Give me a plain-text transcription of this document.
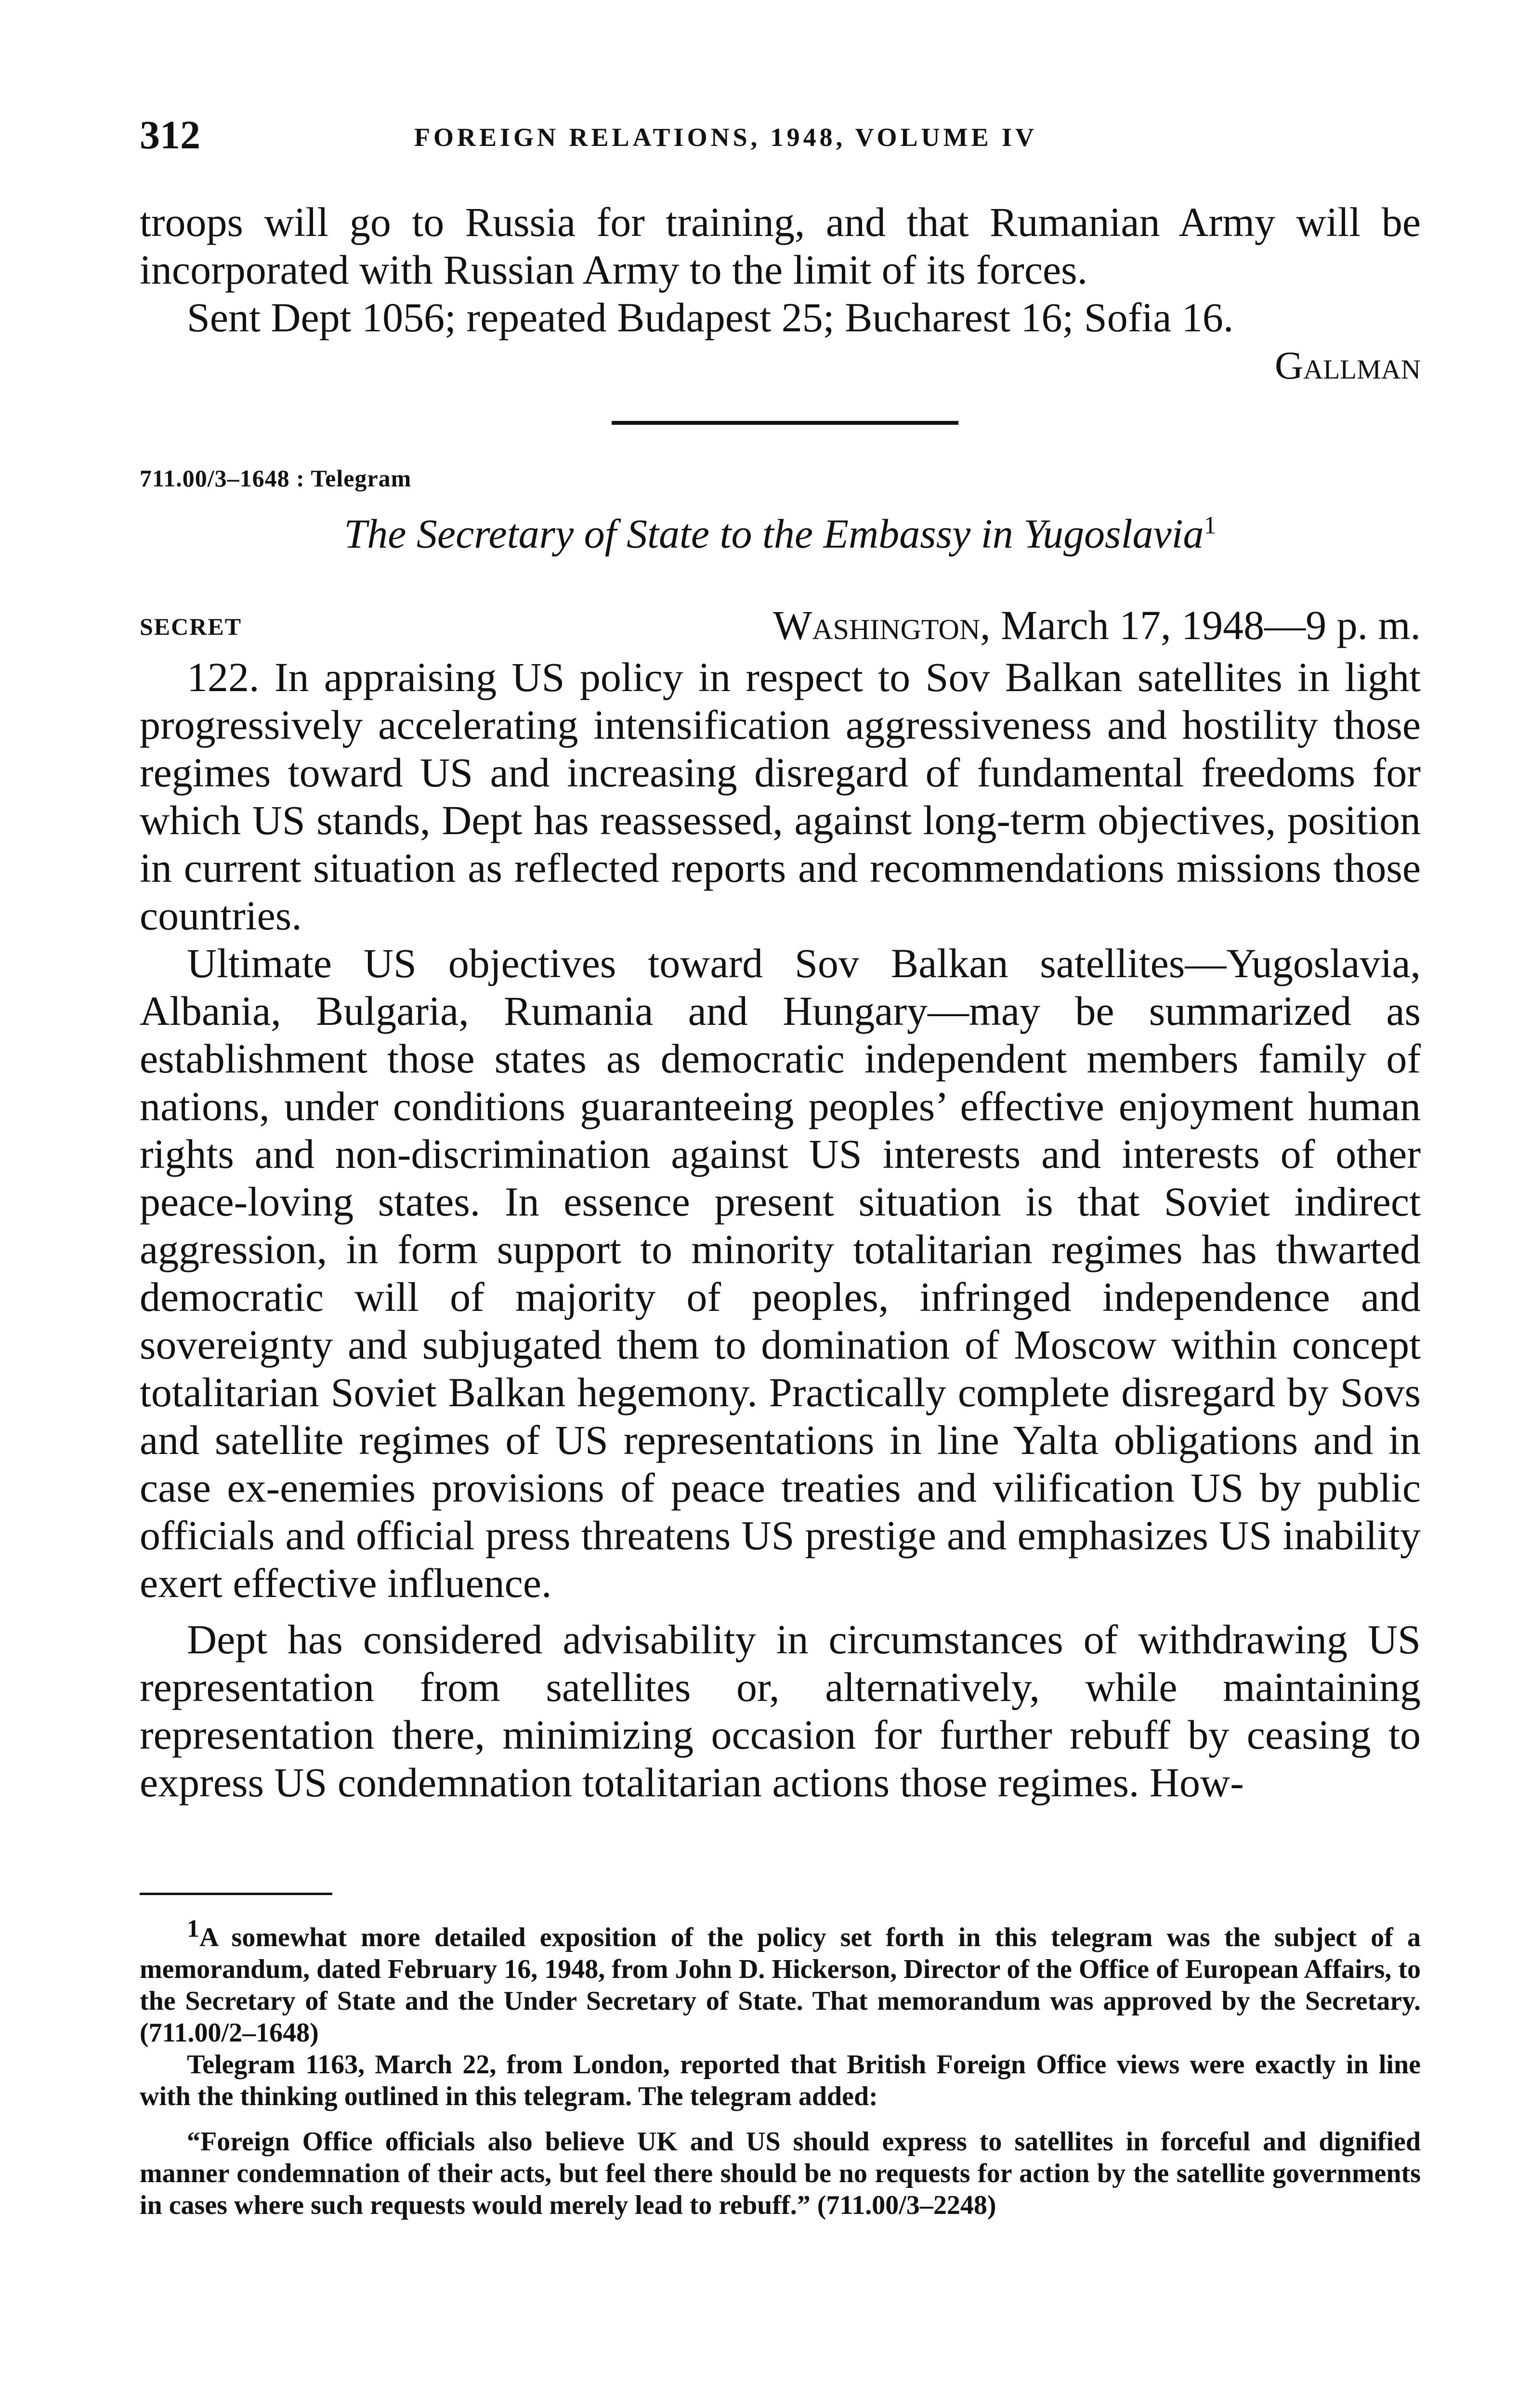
312	FOREIGN RELATIONS, 1948, VOLUME IV

troops will go to Russia for training, and that Rumanian Army will be incorporated with Russian Army to the limit of its forces.

Sent Dept 1056; repeated Budapest 25; Bucharest 16; Sofia 16.

Gallman

711.00/3–1648 : Telegram
The Secretary of State to the Embassy in Yugoslavia$^1$
SECRET	Washington, March 17, 1948—9 p. m.

122. In appraising US policy in respect to Sov Balkan satellites in light progressively accelerating intensification aggressiveness and hostility those regimes toward US and increasing disregard of fundamental freedoms for which US stands, Dept has reassessed, against long-term objectives, position in current situation as reflected reports and recommendations missions those countries.

Ultimate US objectives toward Sov Balkan satellites—Yugoslavia, Albania, Bulgaria, Rumania and Hungary—may be summarized as establishment those states as democratic independent members family of nations, under conditions guaranteeing peoples’ effective enjoyment human rights and non-discrimination against US interests and interests of other peace-loving states. In essence present situation is that Soviet indirect aggression, in form support to minority totalitarian regimes has thwarted democratic will of majority of peoples, infringed independence and sovereignty and subjugated them to domination of Moscow within concept totalitarian Soviet Balkan hegemony. Practically complete disregard by Sovs and satellite regimes of US representations in line Yalta obligations and in case ex-enemies provisions of peace treaties and vilification US by public officials and official press threatens US prestige and emphasizes US inability exert effective influence.

Dept has considered advisability in circumstances of withdrawing US representation from satellites or, alternatively, while maintaining representation there, minimizing occasion for further rebuff by ceasing to express US condemnation totalitarian actions those regimes. How-

$^1$A somewhat more detailed exposition of the policy set forth in this telegram was the subject of a memorandum, dated February 16, 1948, from John D. Hickerson, Director of the Office of European Affairs, to the Secretary of State and the Under Secretary of State. That memorandum was approved by the Secretary. (711.00/2–1648)

Telegram 1163, March 22, from London, reported that British Foreign Office views were exactly in line with the thinking outlined in this telegram. The telegram added:

“Foreign Office officials also believe UK and US should express to satellites in forceful and dignified manner condemnation of their acts, but feel there should be no requests for action by the satellite governments in cases where such requests would merely lead to rebuff.” (711.00/3–2248)
